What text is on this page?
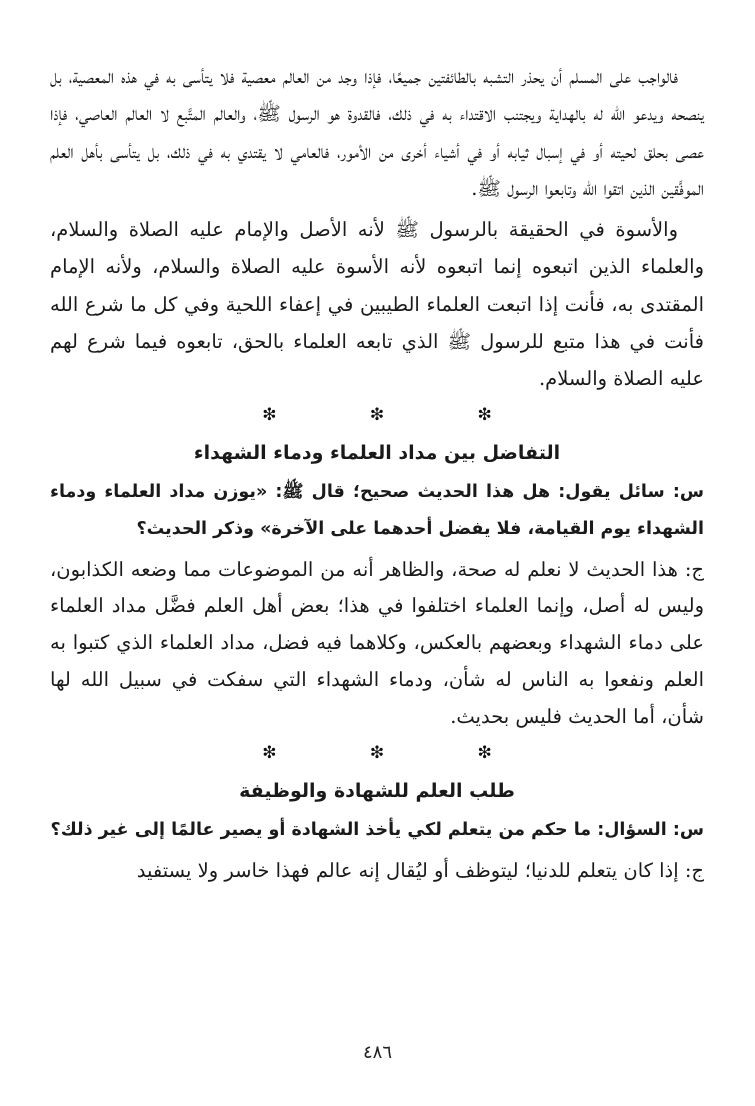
فالواجب على المسلم أن يحذر التشبه بالطائفتين جميعًا، فإذا وجد من العالم معصية فلا يتأسى به في هذه المعصية، بل ينصحه ويدعو الله له بالهداية ويجتنب الاقتداء به في ذلك، فالقدوة هو الرسول ﷺ، والعالم المتَّبع لا العالم العاصي، فإذا عصى بحلق لحيته أو في إسبال ثيابه أو في أشياء أخرى من الأمور، فالعامي لا يقتدي به في ذلك، بل يتأسى بأهل العلم الموفَّقين الذين اتقوا الله وتابعوا الرسول ﷺ.

والأسوة في الحقيقة بالرسول ﷺ لأنه الأصل والإمام عليه الصلاة والسلام، والعلماء الذين اتبعوه إنما اتبعوه لأنه الأسوة عليه الصلاة والسلام، ولأنه الإمام المقتدى به، فأنت إذا اتبعت العلماء الطيبين في إعفاء اللحية وفي كل ما شرع الله فأنت في هذا متبع للرسول ﷺ الذي تابعه العلماء بالحق، تابعوه فيما شرع لهم عليه الصلاة والسلام.

❇ ❇ ❇
التفاضل بين مداد العلماء ودماء الشهداء

س: سائل يقول: هل هذا الحديث صحيح؛ قال ﷺ: «يوزن مداد العلماء ودماء الشهداء يوم القيامة، فلا يفضل أحدهما على الآخرة» وذكر الحديث؟

ج: هذا الحديث لا نعلم له صحة، والظاهر أنه من الموضوعات مما وضعه الكذابون، وليس له أصل، وإنما العلماء اختلفوا في هذا؛ بعض أهل العلم فضَّل مداد العلماء على دماء الشهداء وبعضهم بالعكس، وكلاهما فيه فضل، مداد العلماء الذي كتبوا به العلم ونفعوا به الناس له شأن، ودماء الشهداء التي سفكت في سبيل الله لها شأن، أما الحديث فليس بحديث.

❇ ❇ ❇
طلب العلم للشهادة والوظيفة

س: السؤال: ما حكم من يتعلم لكي يأخذ الشهادة أو يصير عالمًا إلى غير ذلك؟

ج: إذا كان يتعلم للدنيا؛ ليتوظف أو ليُقال إنه عالم فهذا خاسر ولا يستفيد

٤٨٦
